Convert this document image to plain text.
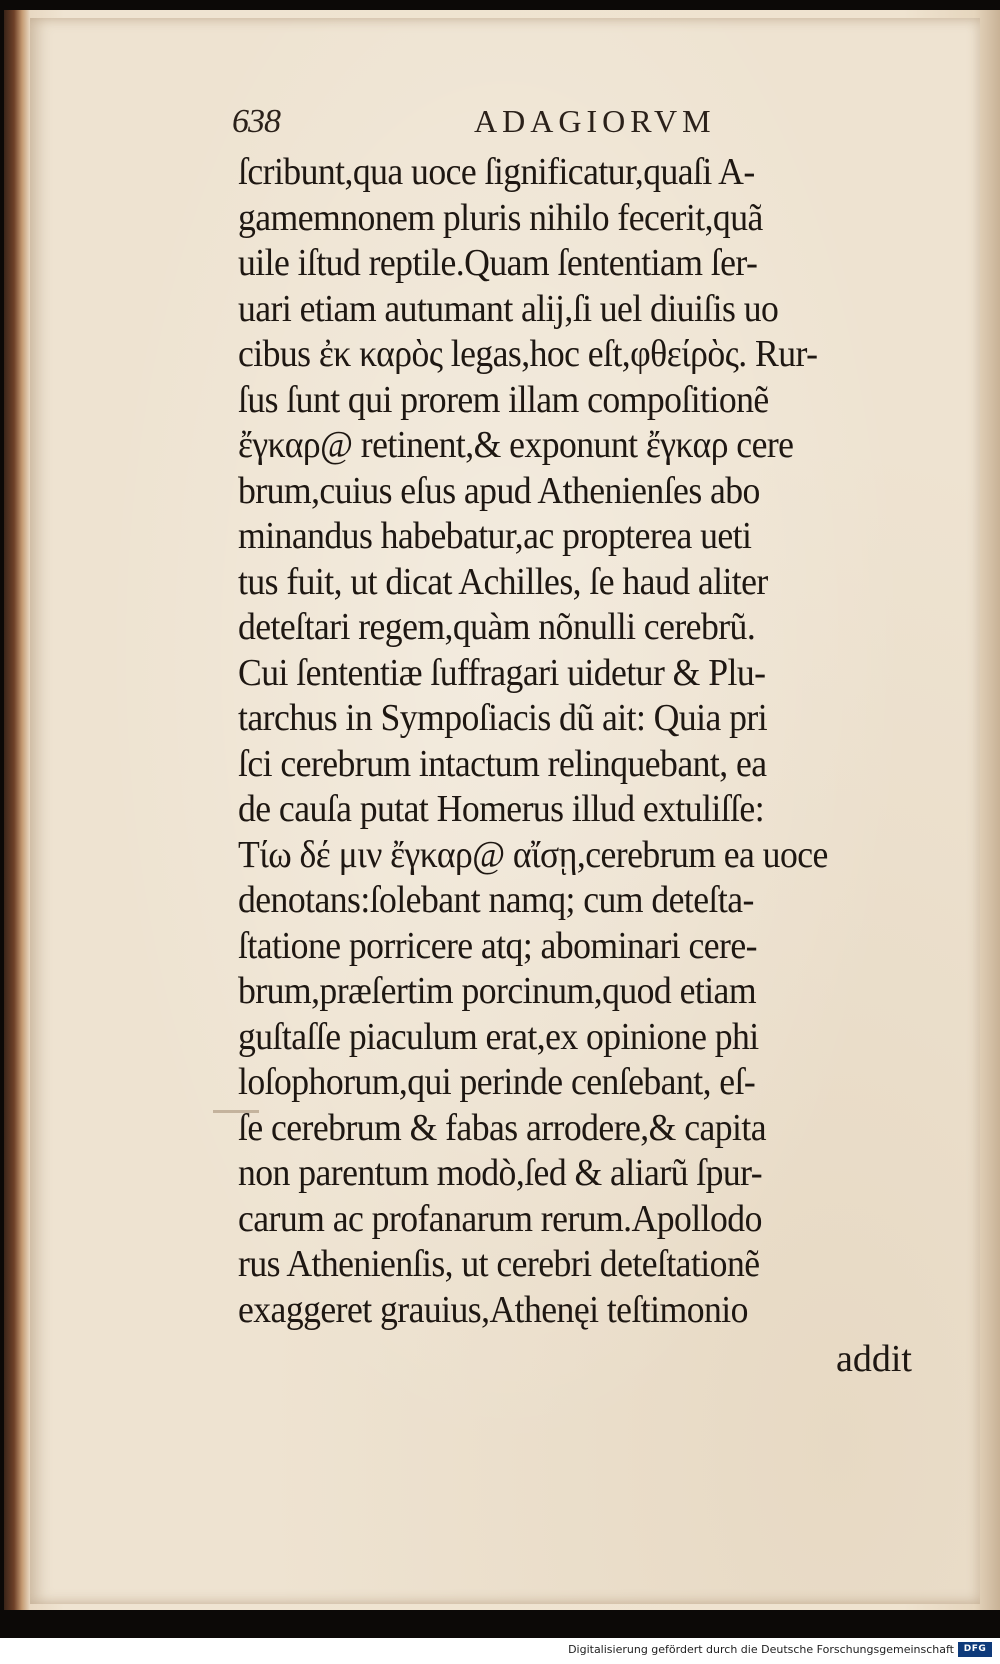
638	ADAGIORVM
ſcribunt,qua uoce ſignificatur,quaſi A-
gamemnonem pluris nihilo fecerit,quã
uile iſtud reptile.Quam ſententiam ſer-
uari etiam autumant alij,ſi uel diuiſis uo
cibus ἐκ καρὸς legas,hoc eſt,φθείρὸς. Rur-
ſus ſunt qui prorem illam compoſitionẽ
ἔγκαρ@ retinent,& exponunt ἔγκαρ cere
brum,cuius eſus apud Athenienſes abo
minandus habebatur,ac propterea ueti
tus fuit, ut dicat Achilles, ſe haud aliter
deteſtari regem,quàm nõnulli cerebrũ.
Cui ſententiæ ſuffragari uidetur & Plu-
tarchus in Sympoſiacis dũ ait: Quia pri
ſci cerebrum intactum relinquebant, ea
de cauſa putat Homerus illud extuliſſe:
Τίω δέ μιν ἔγκαρ@ αἴσῃ,cerebrum ea uoce
denotans:ſolebant namq; cum deteſta-
ſtatione porricere atq; abominari cere-
brum,præſertim porcinum,quod etiam
guſtaſſe piaculum erat,ex opinione phi
loſophorum,qui perinde cenſebant, eſ-
ſe cerebrum & fabas arrodere,& capita
non parentum modò,ſed & aliarũ ſpur-
carum ac profanarum rerum.Apollodo
rus Athenienſis, ut cerebri deteſtationẽ
exaggeret grauius,Athenęi teſtimonio
addit
Digitalisierung gefördert durch die Deutsche Forschungsgemeinschaft	DFG
